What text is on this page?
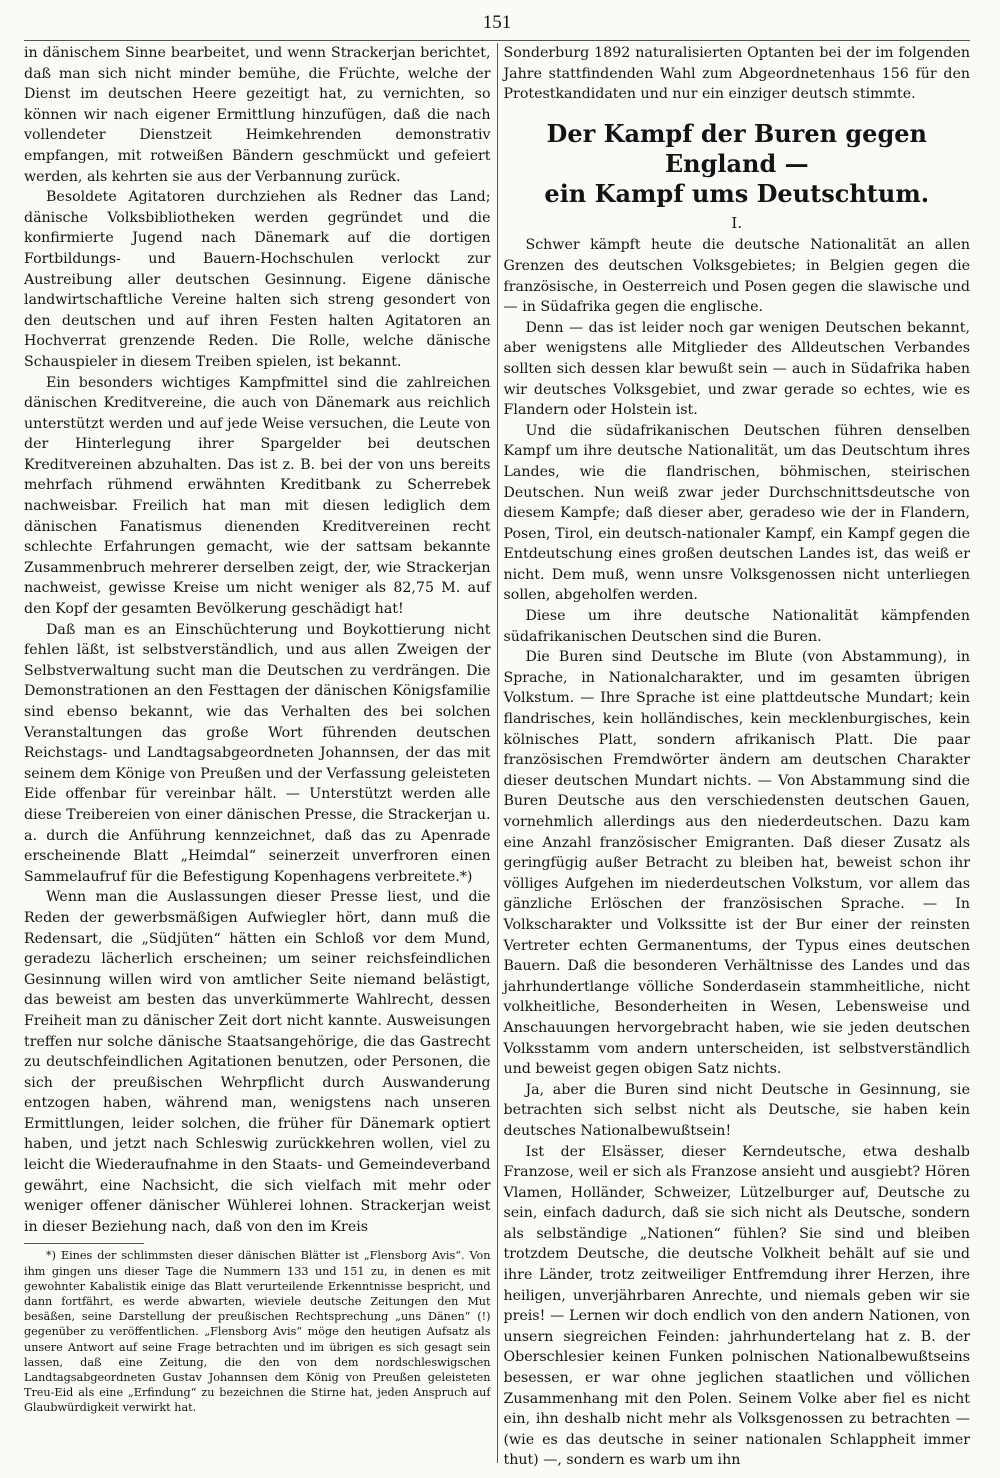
151

in dänischem Sinne bearbeitet, und wenn Strackerjan berichtet, daß man sich nicht minder bemühe, die Früchte, welche der Dienst im deutschen Heere gezeitigt hat, zu vernichten, so können wir nach eigener Ermittlung hinzufügen, daß die nach vollendeter Dienstzeit Heimkehrenden demonstrativ empfangen, mit rotweißen Bändern geschmückt und gefeiert werden, als kehrten sie aus der Verbannung zurück.

Besoldete Agitatoren durchziehen als Redner das Land; dänische Volksbibliotheken werden gegründet und die konfirmierte Jugend nach Dänemark auf die dortigen Fortbildungs- und Bauern-Hochschulen verlockt zur Austreibung aller deutschen Gesinnung. Eigene dänische landwirtschaftliche Vereine halten sich streng gesondert von den deutschen und auf ihren Festen halten Agitatoren an Hochverrat grenzende Reden. Die Rolle, welche dänische Schauspieler in diesem Treiben spielen, ist bekannt.

Ein besonders wichtiges Kampfmittel sind die zahlreichen dänischen Kreditvereine, die auch von Dänemark aus reichlich unterstützt werden und auf jede Weise versuchen, die Leute von der Hinterlegung ihrer Spargelder bei deutschen Kreditvereinen abzuhalten. Das ist z. B. bei der von uns bereits mehrfach rühmend erwähnten Kreditbank zu Scherrebek nachweisbar. Freilich hat man mit diesen lediglich dem dänischen Fanatismus dienenden Kreditvereinen recht schlechte Erfahrungen gemacht, wie der sattsam bekannte Zusammenbruch mehrerer derselben zeigt, der, wie Strackerjan nachweist, gewisse Kreise um nicht weniger als 82,75 M. auf den Kopf der gesamten Bevölkerung geschädigt hat!

Daß man es an Einschüchterung und Boykottierung nicht fehlen läßt, ist selbstverständlich, und aus allen Zweigen der Selbstverwaltung sucht man die Deutschen zu verdrängen. Die Demonstrationen an den Festtagen der dänischen Königsfamilie sind ebenso bekannt, wie das Verhalten des bei solchen Veranstaltungen das große Wort führenden deutschen Reichstags- und Landtagsabgeordneten Johannsen, der das mit seinem dem Könige von Preußen und der Verfassung geleisteten Eide offenbar für vereinbar hält. — Unterstützt werden alle diese Treibereien von einer dänischen Presse, die Strackerjan u. a. durch die Anführung kennzeichnet, daß das zu Apenrade erscheinende Blatt „Heimdal“ seinerzeit unverfroren einen Sammelaufruf für die Befestigung Kopenhagens verbreitete.*)

Wenn man die Auslassungen dieser Presse liest, und die Reden der gewerbsmäßigen Aufwiegler hört, dann muß die Redensart, die „Südjüten“ hätten ein Schloß vor dem Mund, geradezu lächerlich erscheinen; um seiner reichsfeindlichen Gesinnung willen wird von amtlicher Seite niemand belästigt, das beweist am besten das unverkümmerte Wahlrecht, dessen Freiheit man zu dänischer Zeit dort nicht kannte. Ausweisungen treffen nur solche dänische Staatsangehörige, die das Gastrecht zu deutschfeindlichen Agitationen benutzen, oder Personen, die sich der preußischen Wehrpflicht durch Auswanderung entzogen haben, während man, wenigstens nach unseren Ermittlungen, leider solchen, die früher für Dänemark optiert haben, und jetzt nach Schleswig zurückkehren wollen, viel zu leicht die Wiederaufnahme in den Staats- und Gemeindeverband gewährt, eine Nachsicht, die sich vielfach mit mehr oder weniger offener dänischer Wühlerei lohnen. Strackerjan weist in dieser Beziehung nach, daß von den im Kreis

*) Eines der schlimmsten dieser dänischen Blätter ist „Flensborg Avis“. Von ihm gingen uns dieser Tage die Nummern 133 und 151 zu, in denen es mit gewohnter Kabalistik einige das Blatt verurteilende Erkenntnisse bespricht, und dann fortfährt, es werde abwarten, wieviele deutsche Zeitungen den Mut besäßen, seine Darstellung der preußischen Rechtsprechung „uns Dänen“ (!) gegenüber zu veröffentlichen. „Flensborg Avis“ möge den heutigen Aufsatz als unsere Antwort auf seine Frage betrachten und im übrigen es sich gesagt sein lassen, daß eine Zeitung, die den von dem nordschleswigschen Landtagsabgeordneten Gustav Johannsen dem König von Preußen geleisteten Treu-Eid als eine „Erfindung“ zu bezeichnen die Stirne hat, jeden Anspruch auf Glaubwürdigkeit verwirkt hat.

Sonderburg 1892 naturalisierten Optanten bei der im folgenden Jahre stattfindenden Wahl zum Abgeordnetenhaus 156 für den Protestkandidaten und nur ein einziger deutsch stimmte.

Der Kampf der Buren gegen England —
ein Kampf ums Deutschtum.
I.

Schwer kämpft heute die deutsche Nationalität an allen Grenzen des deutschen Volksgebietes; in Belgien gegen die französische, in Oesterreich und Posen gegen die slawische und — in Südafrika gegen die englische.

Denn — das ist leider noch gar wenigen Deutschen bekannt, aber wenigstens alle Mitglieder des Alldeutschen Verbandes sollten sich dessen klar bewußt sein — auch in Südafrika haben wir deutsches Volksgebiet, und zwar gerade so echtes, wie es Flandern oder Holstein ist.

Und die südafrikanischen Deutschen führen denselben Kampf um ihre deutsche Nationalität, um das Deutschtum ihres Landes, wie die flandrischen, böhmischen, steirischen Deutschen. Nun weiß zwar jeder Durchschnittsdeutsche von diesem Kampfe; daß dieser aber, geradeso wie der in Flandern, Posen, Tirol, ein deutsch-nationaler Kampf, ein Kampf gegen die Entdeutschung eines großen deutschen Landes ist, das weiß er nicht. Dem muß, wenn unsre Volksgenossen nicht unterliegen sollen, abgeholfen werden.

Diese um ihre deutsche Nationalität kämpfenden südafrikanischen Deutschen sind die Buren.

Die Buren sind Deutsche im Blute (von Abstammung), in Sprache, in Nationalcharakter, und im gesamten übrigen Volkstum. — Ihre Sprache ist eine plattdeutsche Mundart; kein flandrisches, kein holländisches, kein mecklenburgisches, kein kölnisches Platt, sondern afrikanisch Platt. Die paar französischen Fremdwörter ändern am deutschen Charakter dieser deutschen Mundart nichts. — Von Abstammung sind die Buren Deutsche aus den verschiedensten deutschen Gauen, vornehmlich allerdings aus den niederdeutschen. Dazu kam eine Anzahl französischer Emigranten. Daß dieser Zusatz als geringfügig außer Betracht zu bleiben hat, beweist schon ihr völliges Aufgehen im niederdeutschen Volkstum, vor allem das gänzliche Erlöschen der französischen Sprache. — In Volkscharakter und Volkssitte ist der Bur einer der reinsten Vertreter echten Germanentums, der Typus eines deutschen Bauern. Daß die besonderen Verhältnisse des Landes und das jahrhundertlange völliche Sonderdasein stammheitliche, nicht volkheitliche, Besonderheiten in Wesen, Lebensweise und Anschauungen hervorgebracht haben, wie sie jeden deutschen Volksstamm vom andern unterscheiden, ist selbstverständlich und beweist gegen obigen Satz nichts.

Ja, aber die Buren sind nicht Deutsche in Gesinnung, sie betrachten sich selbst nicht als Deutsche, sie haben kein deutsches Nationalbewußtsein!

Ist der Elsässer, dieser Kerndeutsche, etwa deshalb Franzose, weil er sich als Franzose ansieht und ausgiebt? Hören Vlamen, Holländer, Schweizer, Lützelburger auf, Deutsche zu sein, einfach dadurch, daß sie sich nicht als Deutsche, sondern als selbständige „Nationen“ fühlen? Sie sind und bleiben trotzdem Deutsche, die deutsche Volkheit behält auf sie und ihre Länder, trotz zeitweiliger Entfremdung ihrer Herzen, ihre heiligen, unverjährbaren Anrechte, und niemals geben wir sie preis! — Lernen wir doch endlich von den andern Nationen, von unsern siegreichen Feinden: jahrhundertelang hat z. B. der Oberschlesier keinen Funken polnischen Nationalbewußtseins besessen, er war ohne jeglichen staatlichen und völlichen Zusammenhang mit den Polen. Seinem Volke aber fiel es nicht ein, ihn deshalb nicht mehr als Volksgenossen zu betrachten — (wie es das deutsche in seiner nationalen Schlappheit immer thut) —, sondern es warb um ihn
